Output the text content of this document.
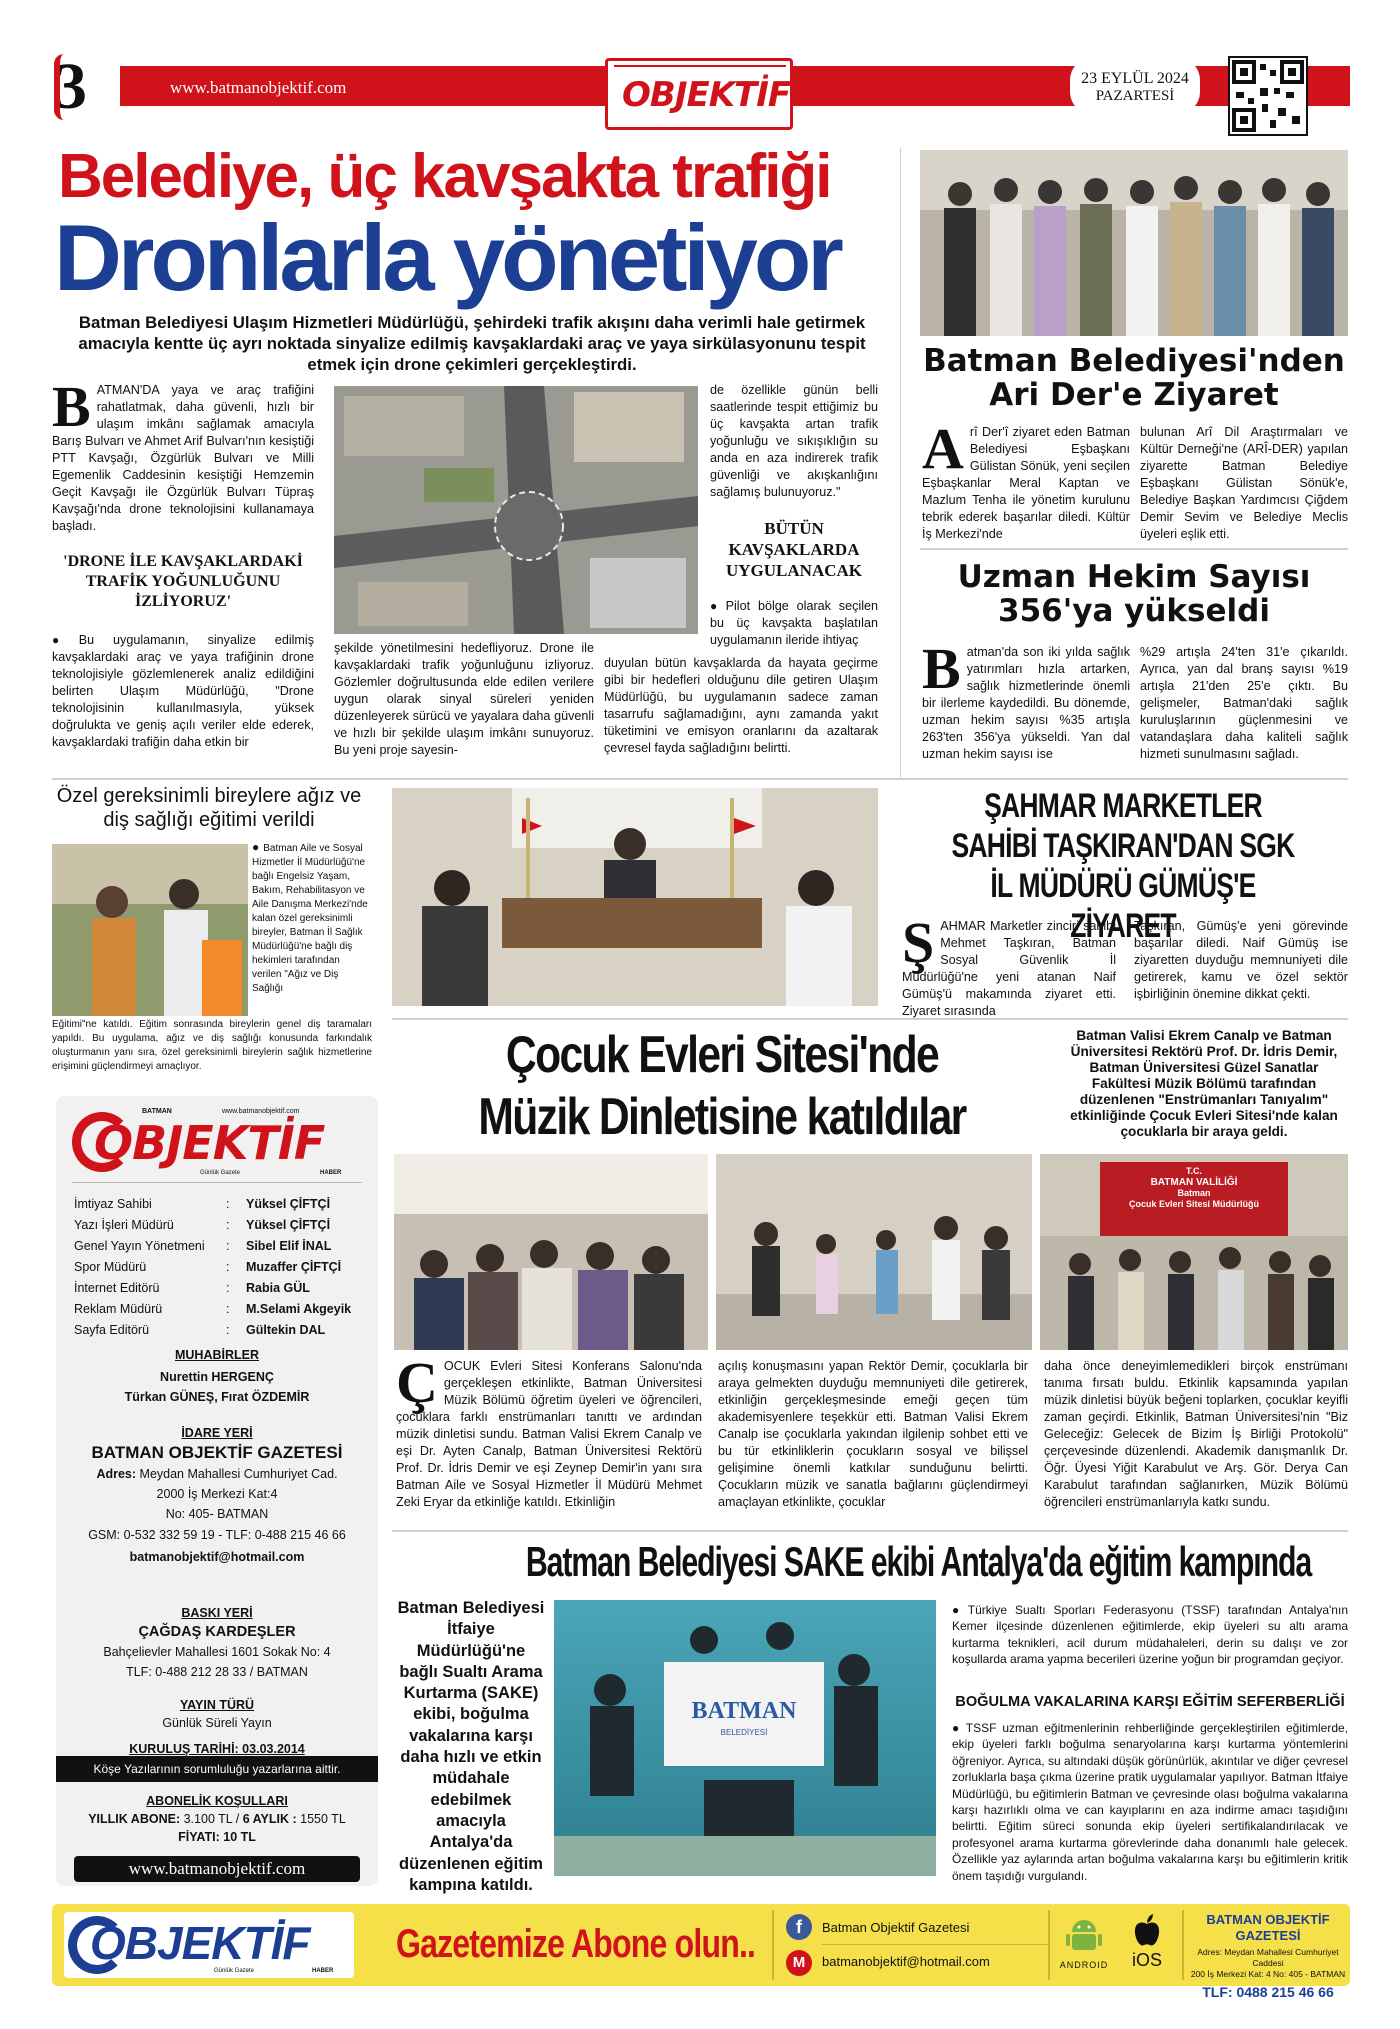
3	www.batmanobjektif.com	OBJEKTİF	23 EYLÜL 2024
PAZARTESİ
Belediye, üç kavşakta trafiği
Dronlarla yönetiyor
Batman Belediyesi Ulaşım Hizmetleri Müdürlüğü, şehirdeki trafik akışını daha verimli hale getirmek amacıyla kentte üç ayrı noktada sinyalize edilmiş kavşaklardaki araç ve yaya sirkülasyonunu tespit etmek için drone çekimleri gerçekleştirdi.
B ATMAN'DA yaya ve araç trafiğini rahatlatmak, daha güvenli, hızlı bir ulaşım imkânı sağlamak amacıyla Barış Bulvarı ve Ahmet Arif Bulvarı'nın kesiştiği PTT Kavşağı, Özgürlük Bulvarı ve Milli Egemenlik Caddesinin kesiştiği Hemzemin Geçit Kavşağı ile Özgürlük Bulvarı Tüpraş Kavşağı'nda drone teknolojisini kullanamaya başladı.
'DRONE İLE KAVŞAKLARDAKİ TRAFİK YOĞUNLUĞUNU İZLİYORUZ'
● Bu uygulamanın, sinyalize edilmiş kavşaklardaki araç ve yaya trafiğinin drone teknolojisiyle gözlemlenerek analiz edildiğini belirten Ulaşım Müdürlüğü, "Drone teknolojisinin kullanılmasıyla, yüksek doğrulukta ve geniş açılı veriler elde ederek, kavşaklardaki trafiğin daha etkin bir
şekilde yönetilmesini hedefliyoruz. Drone ile kavşaklardaki trafik yoğunluğunu izliyoruz. Gözlemler doğrultusunda elde edilen verilere uygun olarak sinyal süreleri yeniden düzenleyerek sürücü ve yayalara daha güvenli ve hızlı bir şekilde ulaşım imkânı sunuyoruz. Bu yeni proje sayesin-
de özellikle günün belli saatlerinde tespit ettiğimiz bu üç kavşakta artan trafik yoğunluğu ve sıkışıklığın su anda en aza indirerek trafik güvenliği ve akışkanlığını sağlamış bulunuyoruz."
BÜTÜN KAVŞAKLARDA UYGULANACAK
● Pilot bölge olarak seçilen bu üç kavşakta başlatılan uygulamanın ileride ihtiyaç
duyulan bütün kavşaklarda da hayata geçirme gibi bir hedefleri olduğunu dile getiren Ulaşım Müdürlüğü, bu uygulamanın sadece zaman tasarrufu sağlamadığını, aynı zamanda yakıt tüketimini ve emisyon oranlarını da azaltarak çevresel fayda sağladığını belirtti.
Batman Belediyesi'nden Ari Der'e Ziyaret
A rî Der'î ziyaret eden Batman Belediyesi Eşbaşkanı Gülistan Sönük, yeni seçilen Eşbaşkanlar Meral Kaptan ve Mazlum Tenha ile yönetim kurulunu tebrik ederek başarılar diledi. Kültür İş Merkezi'nde
bulunan Arî Dil Araştırmaları ve Kültür Derneği'ne (ARÎ-DER) yapılan ziyarette Batman Belediye Eşbaşkanı Gülistan Sönük'e, Belediye Başkan Yardımcısı Çiğdem Demir Sevim ve Belediye Meclis üyeleri eşlik etti.
Uzman Hekim Sayısı 356'ya yükseldi
B atman'da son iki yılda sağlık yatırımları hızla artarken, sağlık hizmetlerinde önemli bir ilerleme kaydedildi. Bu dönemde, uzman hekim sayısı %35 artışla 263'ten 356'ya yükseldi. Yan dal uzman hekim sayısı ise
%29 artışla 24'ten 31'e çıkarıldı. Ayrıca, yan dal branş sayısı %19 artışla 21'den 25'e çıktı. Bu gelişmeler, Batman'daki sağlık kuruluşlarının güçlenmesini ve vatandaşlara daha kaliteli sağlık hizmeti sunulmasını sağladı.
Özel gereksinimli bireylere ağız ve diş sağlığı eğitimi verildi
● Batman Aile ve Sosyal Hizmetler İl Müdürlüğü'ne bağlı Engelsiz Yaşam, Bakım, Rehabilitasyon ve Aile Danışma Merkezi'nde kalan özel gereksinimli bireyler, Batman İl Sağlık Müdürlüğü'ne bağlı diş hekimleri tarafından verilen "Ağız ve Diş Sağlığı
Eğitimi"ne katıldı. Eğitim sonrasında bireylerin genel diş taramaları yapıldı. Bu uygulama, ağız ve diş sağlığı konusunda farkındalık oluşturmanın yanı sıra, özel gereksinimli bireylerin sağlık hizmetlerine erişimini güçlendirmeyi amaçlıyor.
ŞAHMAR MARKETLER
SAHİBİ TAŞKIRAN'DAN SGK
İL MÜDÜRÜ GÜMÜŞ'E ZİYARET
Ş AHMAR Marketler zinciri sahibi Mehmet Taşkıran, Batman Sosyal Güvenlik İl Müdürlüğü'ne yeni atanan Naif Gümüş'ü makamında ziyaret etti. Ziyaret sırasında
Taşkıran, Gümüş'e yeni görevinde başarılar diledi. Naif Gümüş ise ziyaretten duyduğu memnuniyeti dile getirerek, kamu ve özel sektör işbirliğinin önemine dikkat çekti.
Çocuk Evleri Sitesi'nde
Müzik Dinletisine katıldılar
Batman Valisi Ekrem Canalp ve Batman Üniversitesi Rektörü Prof. Dr. İdris Demir, Batman Üniversitesi Güzel Sanatlar Fakültesi Müzik Bölümü tarafından düzenlenen "Enstrümanları Tanıyalım" etkinliğinde Çocuk Evleri Sitesi'nde kalan çocuklarla bir araya geldi.
T.C.
BATMAN VALİLİĞİ
Batman
Çocuk Evleri Sitesi Müdürlüğü
Ç OCUK Evleri Sitesi Konferans Salonu'nda gerçekleşen etkinlikte, Batman Üniversitesi Müzik Bölümü öğretim üyeleri ve öğrencileri, çocuklara farklı enstrümanları tanıttı ve ardından müzik dinletisi sundu. Batman Valisi Ekrem Canalp ve eşi Dr. Ayten Canalp, Batman Üniversitesi Rektörü Prof. Dr. İdris Demir ve eşi Zeynep Demir'in yanı sıra Batman Aile ve Sosyal Hizmetler İl Müdürü Mehmet Zeki Eryar da etkinliğe katıldı. Etkinliğin
açılış konuşmasını yapan Rektör Demir, çocuklarla bir araya gelmekten duyduğu memnuniyeti dile getirerek, etkinliğin gerçekleşmesinde emeği geçen tüm akademisyenlere teşekkür etti. Batman Valisi Ekrem Canalp ise çocuklarla yakından ilgilenip sohbet etti ve bu tür etkinliklerin çocukların sosyal ve bilişsel gelişimine önemli katkılar sunduğunu belirtti. Çocukların müzik ve sanatla bağlarını güçlendirmeyi amaçlayan etkinlikte, çocuklar
daha önce deneyimlemedikleri birçok enstrümanı tanıma fırsatı buldu. Etkinlik kapsamında yapılan müzik dinletisi büyük beğeni toplarken, çocuklar keyifli zaman geçirdi. Etkinlik, Batman Üniversitesi'nin "Biz Geleceğiz: Gelecek de Bizim İş Birliği Protokolü" çerçevesinde düzenlendi. Akademik danışmanlık Dr. Öğr. Üyesi Yiğit Karabulut ve Arş. Gör. Derya Can Karabulut tarafından sağlanırken, Müzik Bölümü öğrencileri enstrümanlarıyla katkı sundu.
Batman Belediyesi SAKE ekibi Antalya'da eğitim kampında
Batman Belediyesi İtfaiye Müdürlüğü'ne bağlı Sualtı Arama Kurtarma (SAKE) ekibi, boğulma vakalarına karşı daha hızlı ve etkin müdahale edebilmek amacıyla Antalya'da düzenlenen eğitim kampına katıldı.
BATMAN
BELEDİYESİ
● Türkiye Sualtı Sporları Federasyonu (TSSF) tarafından Antalya'nın Kemer ilçesinde düzenlenen eğitimlerde, ekip üyeleri su altı arama kurtarma teknikleri, acil durum müdahaleleri, derin su dalışı ve zor koşullarda arama yapma becerileri üzerine yoğun bir programdan geçiyor.
BOĞULMA VAKALARINA KARŞI EĞİTİM SEFERBERLİĞİ
● TSSF uzman eğitmenlerinin rehberliğinde gerçekleştirilen eğitimlerde, ekip üyeleri farklı boğulma senaryolarına karşı kurtarma yöntemlerini öğreniyor. Ayrıca, su altındaki düşük görünürlük, akıntılar ve diğer çevresel zorluklarla başa çıkma üzerine pratik uygulamalar yapılıyor. Batman İtfaiye Müdürlüğü, bu eğitimlerin Batman ve çevresinde olası boğulma vakalarına karşı hazırlıklı olma ve can kayıplarını en aza indirme amacı taşıdığını belirtti. Eğitim süreci sonunda ekip üyeleri sertifikalandırılacak ve profesyonel arama kurtarma görevlerinde daha donanımlı hale gelecek. Özellikle yaz aylarında artan boğulma vakalarına karşı bu eğitimlerin kritik önem taşıdığı vurgulandı.
BATMAN	www.batmanobjektif.com
OBJEKTİF
Günlük Gazete	HABER
İmtiyaz Sahibi	:	Yüksel ÇİFTÇİ
Yazı İşleri Müdürü	:	Yüksel ÇİFTÇİ
Genel Yayın Yönetmeni	:	Sibel Elif İNAL
Spor Müdürü	:	Muzaffer ÇİFTÇİ
İnternet Editörü	:	Rabia GÜL
Reklam Müdürü	:	M.Selami Akgeyik
Sayfa Editörü	:	Gültekin DAL
MUHABİRLER
Nurettin HERGENÇ
Türkan GÜNEŞ, Fırat ÖZDEMİR
İDARE YERİ
BATMAN OBJEKTİF GAZETESİ
Adres: Meydan Mahallesi Cumhuriyet Cad.
2000 İş Merkezi Kat:4
No: 405- BATMAN
GSM: 0-532 332 59 19 - TLF: 0-488 215 46 66
batmanobjektif@hotmail.com
BASKI YERİ
ÇAĞDAŞ KARDEŞLER
Bahçelievler Mahallesi 1601 Sokak No: 4
TLF: 0-488 212 28 33 / BATMAN
YAYIN TÜRÜ
Günlük Süreli Yayın
KURULUŞ TARİHİ: 03.03.2014
Köşe Yazılarının sorumluluğu yazarlarına aittir.
ABONELİK KOŞULLARI
YILLIK ABONE: 3.100 TL / 6 AYLIK : 1550 TL
FİYATI: 10 TL
www.batmanobjektif.com
OBJEKTİF
Günlük Gazete	HABER
Gazetemize Abone olun..	f	Batman Objektif Gazetesi
M	batmanobjektif@hotmail.com	ANDROID	iOS
BATMAN OBJEKTİF GAZETESİ
Adres: Meydan Mahallesi Cumhuriyet Caddesi
200 İş Merkezi Kat: 4 No: 405 - BATMAN
TLF: 0488 215 46 66
